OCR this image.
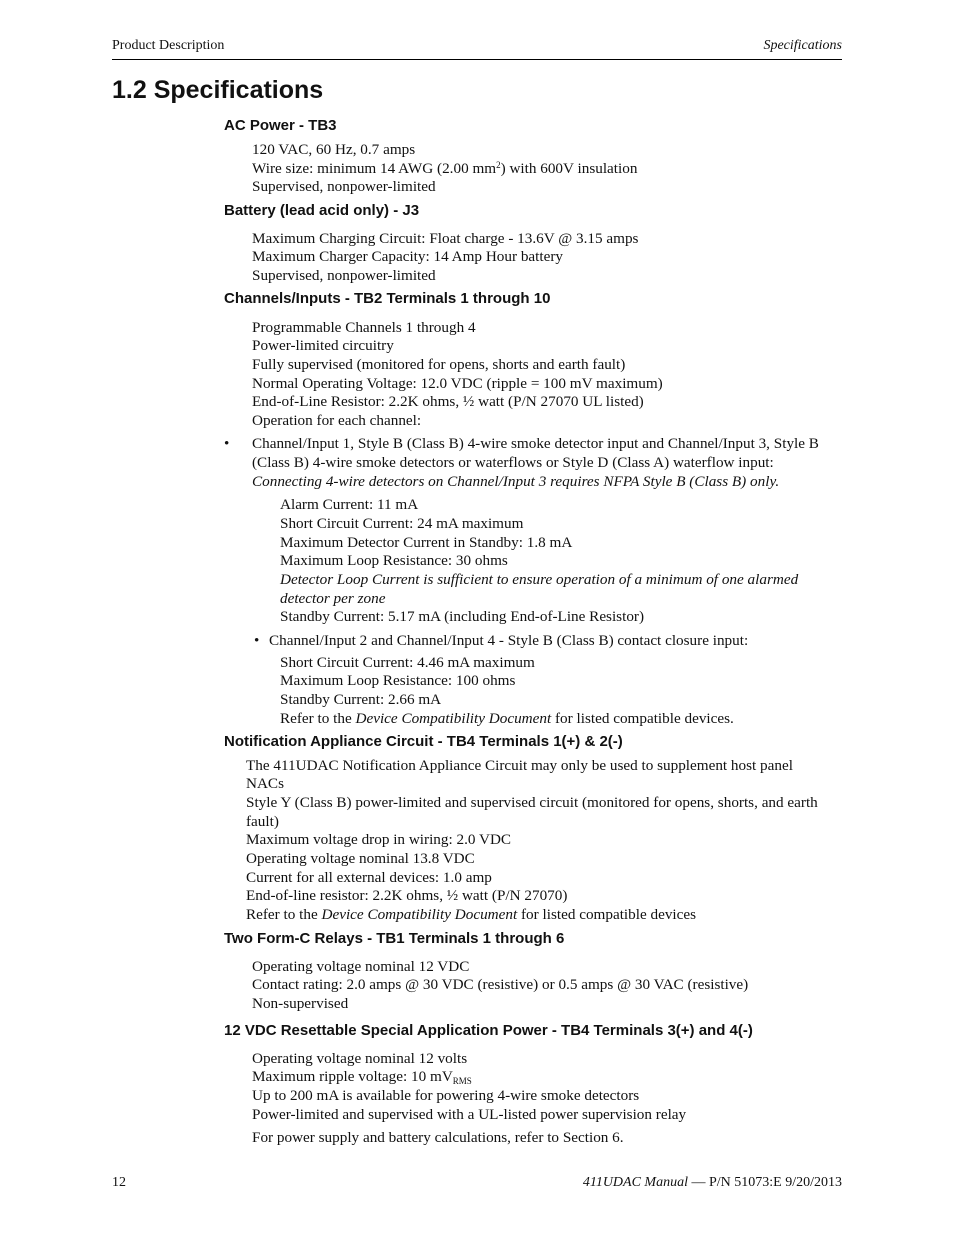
Product Description	Specifications
1.2 Specifications
AC Power - TB3
120 VAC, 60 Hz, 0.7 amps
Wire size: minimum 14 AWG (2.00 $mm^2$) with 600V insulation
Supervised, nonpower-limited
Battery (lead acid only) - J3
Maximum Charging Circuit: Float charge - 13.6V @ 3.15 amps
Maximum Charger Capacity: 14 Amp Hour battery
Supervised, nonpower-limited
Channels/Inputs - TB2 Terminals 1 through 10
Programmable Channels 1 through 4
Power-limited circuitry
Fully supervised (monitored for opens, shorts and earth fault)
Normal Operating Voltage: 12.0 VDC (ripple = 100 mV maximum)
End-of-Line Resistor: 2.2K ohms, ½ watt (P/N 27070 UL listed)
Operation for each channel:
• Channel/Input 1, Style B (Class B) 4-wire smoke detector input and Channel/Input 3, Style B
(Class B) 4-wire smoke detectors or waterflows or Style D (Class A) waterflow input:
Connecting 4-wire detectors on Channel/Input 3 requires NFPA Style B (Class B) only.
Alarm Current: 11 mA
Short Circuit Current: 24 mA maximum
Maximum Detector Current in Standby: 1.8 mA
Maximum Loop Resistance: 30 ohms
Detector Loop Current is sufficient to ensure operation of a minimum of one alarmed
detector per zone
Standby Current: 5.17 mA (including End-of-Line Resistor)
• Channel/Input 2 and Channel/Input 4 - Style B (Class B) contact closure input:
Short Circuit Current: 4.46 mA maximum
Maximum Loop Resistance: 100 ohms
Standby Current: 2.66 mA
Refer to the Device Compatibility Document for listed compatible devices.
Notification Appliance Circuit - TB4 Terminals 1(+) & 2(-)
The 411UDAC Notification Appliance Circuit may only be used to supplement host panel
NACs
Style Y (Class B) power-limited and supervised circuit (monitored for opens, shorts, and earth
fault)
Maximum voltage drop in wiring: 2.0 VDC
Operating voltage nominal 13.8 VDC
Current for all external devices: 1.0 amp
End-of-line resistor: 2.2K ohms, ½ watt (P/N 27070)
Refer to the Device Compatibility Document for listed compatible devices
Two Form-C Relays - TB1 Terminals 1 through 6
Operating voltage nominal 12 VDC
Contact rating: 2.0 amps @ 30 VDC (resistive) or 0.5 amps @ 30 VAC (resistive)
Non-supervised
12 VDC Resettable Special Application Power - TB4 Terminals 3(+) and 4(-)
Operating voltage nominal 12 volts
Maximum ripple voltage: 10 $mV_{RMS}$
Up to 200 mA is available for powering 4-wire smoke detectors
Power-limited and supervised with a UL-listed power supervision relay
For power supply and battery calculations, refer to Section 6.
12	411UDAC Manual — P/N 51073:E 9/20/2013
